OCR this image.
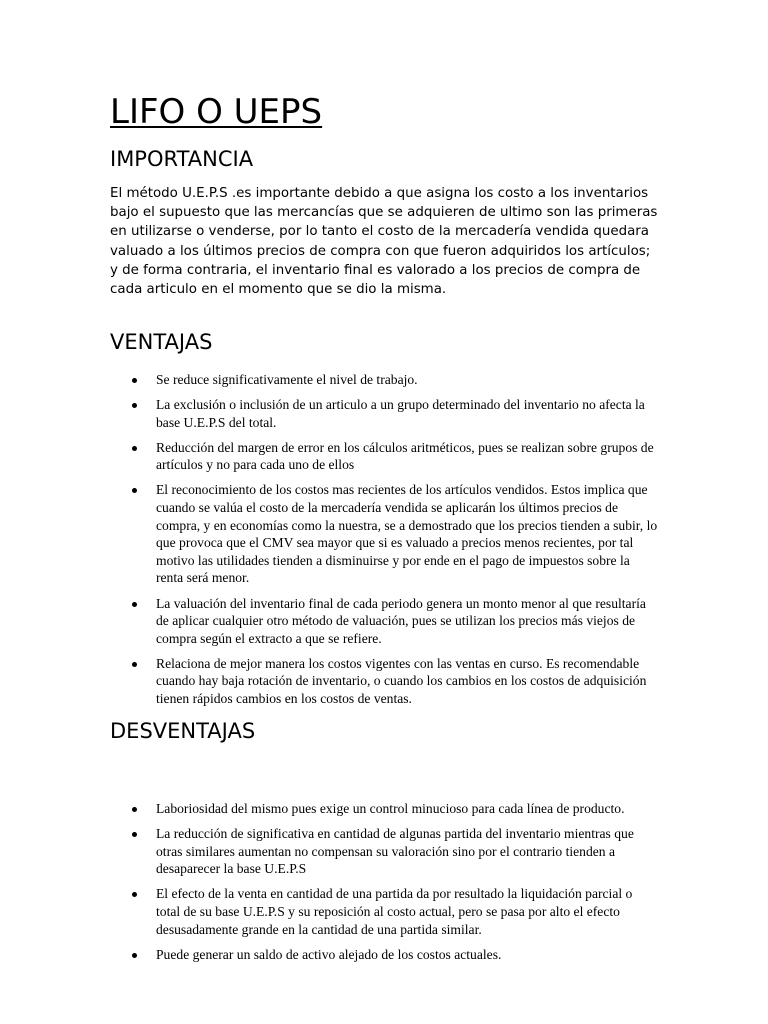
LIFO O UEPS
IMPORTANCIA

El método U.E.P.S .es importante debido a que asigna los costo a los inventarios bajo el supuesto que las mercancías que se adquieren de ultimo son las primeras en utilizarse o venderse, por lo tanto el costo de la mercadería vendida quedara valuado a los últimos precios de compra con que fueron adquiridos los artículos; y de forma contraria, el inventario final es valorado a los precios de compra de cada articulo en el momento que se dio la misma.

VENTAJAS
Se reduce significativamente el nivel de trabajo.
La exclusión o inclusión de un articulo a un grupo determinado del inventario no afecta la base U.E.P.S del total.
Reducción del margen de error en los cálculos aritméticos, pues se realizan sobre grupos de artículos y no para cada uno de ellos
El reconocimiento de los costos mas recientes de los artículos vendidos. Estos implica que cuando se valúa el costo de la mercadería vendida se aplicarán los últimos precios de compra, y en economías como la nuestra, se a demostrado que los precios tienden a subir, lo que provoca que el CMV sea mayor que si es valuado a precios menos recientes, por tal motivo las utilidades tienden a disminuirse y por ende en el pago de impuestos sobre la renta será menor.
La valuación del inventario final de cada periodo genera un monto menor al que resultaría de aplicar cualquier otro método de valuación, pues se utilizan los precios más viejos de compra según el extracto a que se refiere.
Relaciona de mejor manera los costos vigentes con las ventas en curso. Es recomendable cuando hay baja rotación de inventario, o cuando los cambios en los costos de adquisición tienen rápidos cambios en los costos de ventas.
DESVENTAJAS
Laboriosidad del mismo pues exige un control minucioso para cada línea de producto.
La reducción de significativa en cantidad de algunas partida del inventario mientras que otras similares aumentan no compensan su valoración sino por el contrario tienden a desaparecer la base U.E.P.S
El efecto de la venta en cantidad de una partida da por resultado la liquidación parcial o total de su base U.E.P.S y su reposición al costo actual, pero se pasa por alto el efecto desusadamente grande en la cantidad de una partida similar.
Puede generar un saldo de activo alejado de los costos actuales.
